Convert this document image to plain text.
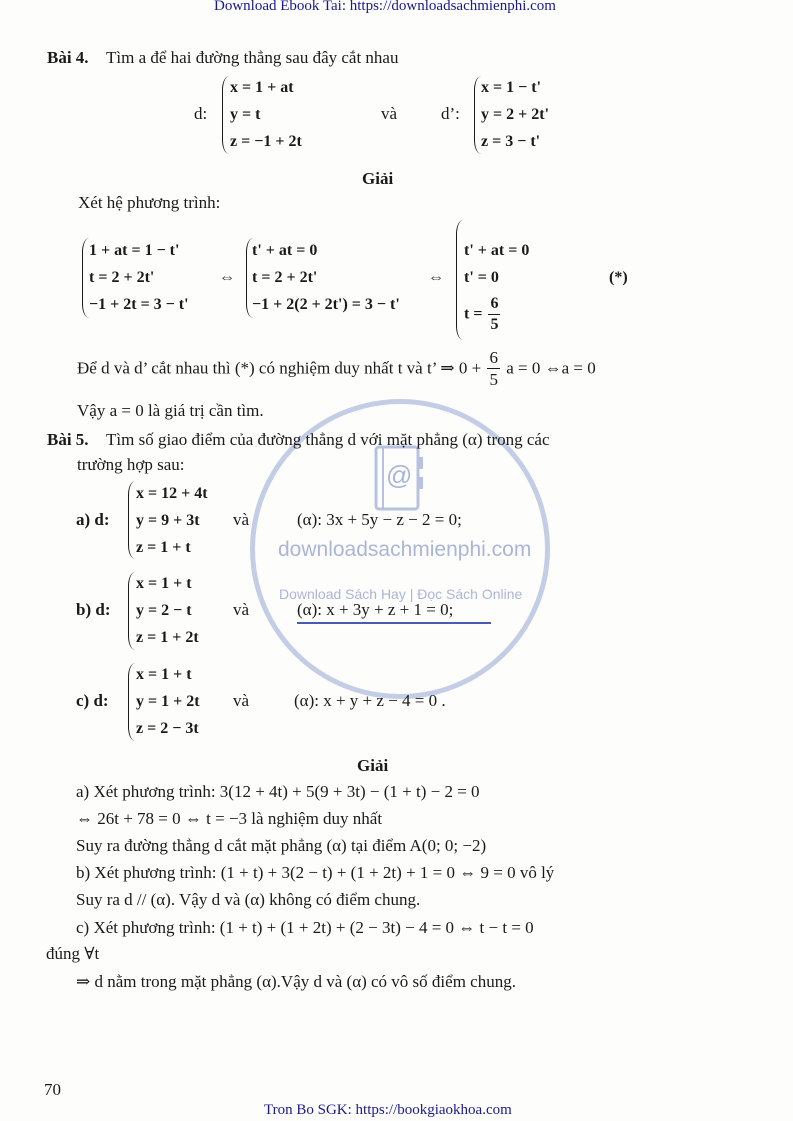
@
downloadsachmienphi.com
Download Sách Hay | Đọc Sách Online
Download Ebook Tai: https://downloadsachmienphi.com
Bài 4. Tìm a để hai đường thẳng sau đây cắt nhau
d:
x = 1 + at
y = t
z = −1 + 2t
và	d’:
x = 1 − t'
y = 2 + 2t'
z = 3 − t'
Giải
Xét hệ phương trình:
1 + at = 1 − t'
t = 2 + 2t'
−1 + 2t = 3 − t'
⇔
t' + at = 0
t = 2 + 2t'
−1 + 2(2 + 2t') = 3 − t'
⇔
t' + at = 0
t' = 0
$t = \frac{6}{5}$
(*)
Để d và d’ cắt nhau thì (*) có nghiệm duy nhất t và t’ ⇒ $0 + \frac{6}{5}$ a = 0 ⇔a = 0
Vậy a = 0 là giá trị cần tìm.
Bài 5. Tìm số giao điểm của đường thẳng d với mặt phẳng (α) trong các
trường hợp sau:
a) d:
x = 12 + 4t
y = 9 + 3t
z = 1 + t
và	(α): 3x + 5y − z − 2 = 0;
b) d:
x = 1 + t
y = 2 − t
z = 1 + 2t
và	(α): x + 3y + z + 1 = 0;
c) d:
x = 1 + t
y = 1 + 2t
z = 2 − 3t
và	(α): x + y + z − 4 = 0 .
Giải
a) Xét phương trình: 3(12 + 4t) + 5(9 + 3t) − (1 + t) − 2 = 0
⇔ 26t + 78 = 0 ⇔ t = −3 là nghiệm duy nhất
Suy ra đường thẳng d cắt mặt phẳng (α) tại điểm A(0; 0; −2)
b) Xét phương trình: (1 + t) + 3(2 − t) + (1 + 2t) + 1 = 0 ⇔ 9 = 0 vô lý
Suy ra d // (α). Vậy d và (α) không có điểm chung.
c) Xét phương trình: (1 + t) + (1 + 2t) + (2 − 3t) − 4 = 0 ⇔ t − t = 0
đúng ∀t
⇒ d nằm trong mặt phẳng (α).Vậy d và (α) có vô số điểm chung.
70
Tron Bo SGK: https://bookgiaokhoa.com
